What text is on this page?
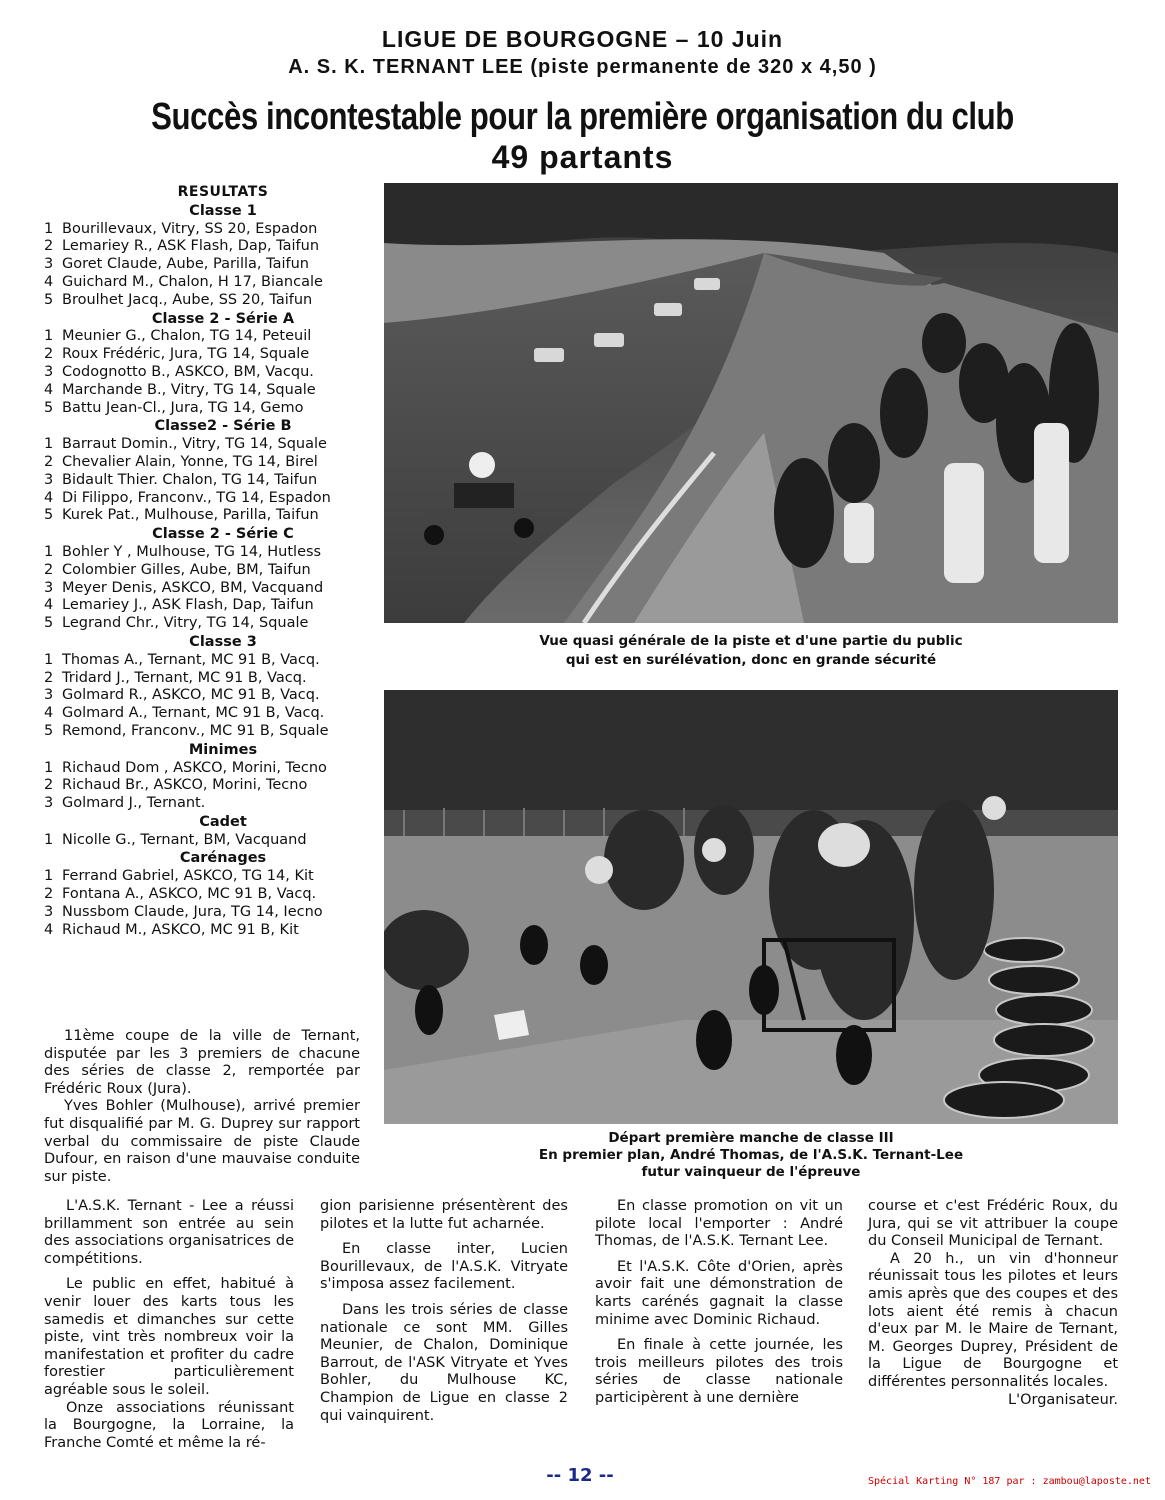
LIGUE DE BOURGOGNE – 10 Juin
A. S. K. TERNANT LEE (piste permanente de 320 x 4,50 )
Succès incontestable pour la première organisation du club
49 partants
RESULTATS
Classe 1
1 Bourillevaux, Vitry, SS 20, Espadon
2 Lemariey R., ASK Flash, Dap, Taifun
3 Goret Claude, Aube, Parilla, Taifun
4 Guichard M., Chalon, H 17, Biancale
5 Broulhet Jacq., Aube, SS 20, Taifun
Classe 2 - Série A
1 Meunier G., Chalon, TG 14, Peteuil
2 Roux Frédéric, Jura, TG 14, Squale
3 Codognotto B., ASKCO, BM, Vacqu.
4 Marchande B., Vitry, TG 14, Squale
5 Battu Jean-Cl., Jura, TG 14, Gemo
Classe2 - Série B
1 Barraut Domin., Vitry, TG 14, Squale
2 Chevalier Alain, Yonne, TG 14, Birel
3 Bidault Thier. Chalon, TG 14, Taifun
4 Di Filippo, Franconv., TG 14, Espadon
5 Kurek Pat., Mulhouse, Parilla, Taifun
Classe 2 - Série C
1 Bohler Y , Mulhouse, TG 14, Hutless
2 Colombier Gilles, Aube, BM, Taifun
3 Meyer Denis, ASKCO, BM, Vacquand
4 Lemariey J., ASK Flash, Dap, Taifun
5 Legrand Chr., Vitry, TG 14, Squale
Classe 3
1 Thomas A., Ternant, MC 91 B, Vacq.
2 Tridard J., Ternant, MC 91 B, Vacq.
3 Golmard R., ASKCO, MC 91 B, Vacq.
4 Golmard A., Ternant, MC 91 B, Vacq.
5 Remond, Franconv., MC 91 B, Squale
Minimes
1 Richaud Dom , ASKCO, Morini, Tecno
2 Richaud Br., ASKCO, Morini, Tecno
3 Golmard J., Ternant.
Cadet
1 Nicolle G., Ternant, BM, Vacquand
Carénages
1 Ferrand Gabriel, ASKCO, TG 14, Kit
2 Fontana A., ASKCO, MC 91 B, Vacq.
3 Nussbom Claude, Jura, TG 14, Iecno
4 Richaud M., ASKCO, MC 91 B, Kit

11ème coupe de la ville de Ternant, disputée par les 3 premiers de chacune des séries de classe 2, remportée par Frédéric Roux (Jura).

Yves Bohler (Mulhouse), arrivé premier fut disqualifié par M. G. Duprey sur rapport verbal du commissaire de piste Claude Dufour, en raison d'une mauvaise conduite sur piste.

Vue quasi générale de la piste et d'une partie du public
qui est en surélévation, donc en grande sécurité
Départ première manche de classe III
En premier plan, André Thomas, de l'A.S.K. Ternant-Lee
futur vainqueur de l'épreuve

L'A.S.K. Ternant - Lee a réussi brillamment son entrée au sein des associations organisatrices de compétitions.

Le public en effet, habitué à venir louer des karts tous les samedis et dimanches sur cette piste, vint très nombreux voir la manifestation et profiter du cadre forestier particulièrement agréable sous le soleil.

Onze associations réunissant la Bourgogne, la Lorraine, la Franche Comté et même la ré-

gion parisienne présentèrent des pilotes et la lutte fut acharnée.

En classe inter, Lucien Bourillevaux, de l'A.S.K. Vitryate s'imposa assez facilement.

Dans les trois séries de classe nationale ce sont MM. Gilles Meunier, de Chalon, Dominique Barrout, de l'ASK Vitryate et Yves Bohler, du Mulhouse KC, Champion de Ligue en classe 2 qui vainquirent.

En classe promotion on vit un pilote local l'emporter : André Thomas, de l'A.S.K. Ternant Lee.

Et l'A.S.K. Côte d'Orien, après avoir fait une démonstration de karts carénés gagnait la classe minime avec Dominic Richaud.

En finale à cette journée, les trois meilleurs pilotes des trois séries de classe nationale participèrent à une dernière

course et c'est Frédéric Roux, du Jura, qui se vit attribuer la coupe du Conseil Municipal de Ternant.

A 20 h., un vin d'honneur réunissait tous les pilotes et leurs amis après que des coupes et des lots aient été remis à chacun d'eux par M. le Maire de Ternant, M. Georges Duprey, Président de la Ligue de Bourgogne et différentes personnalités locales.

L'Organisateur.

-- 12 --	Spécial Karting N° 187 par : zambou@laposte.net
